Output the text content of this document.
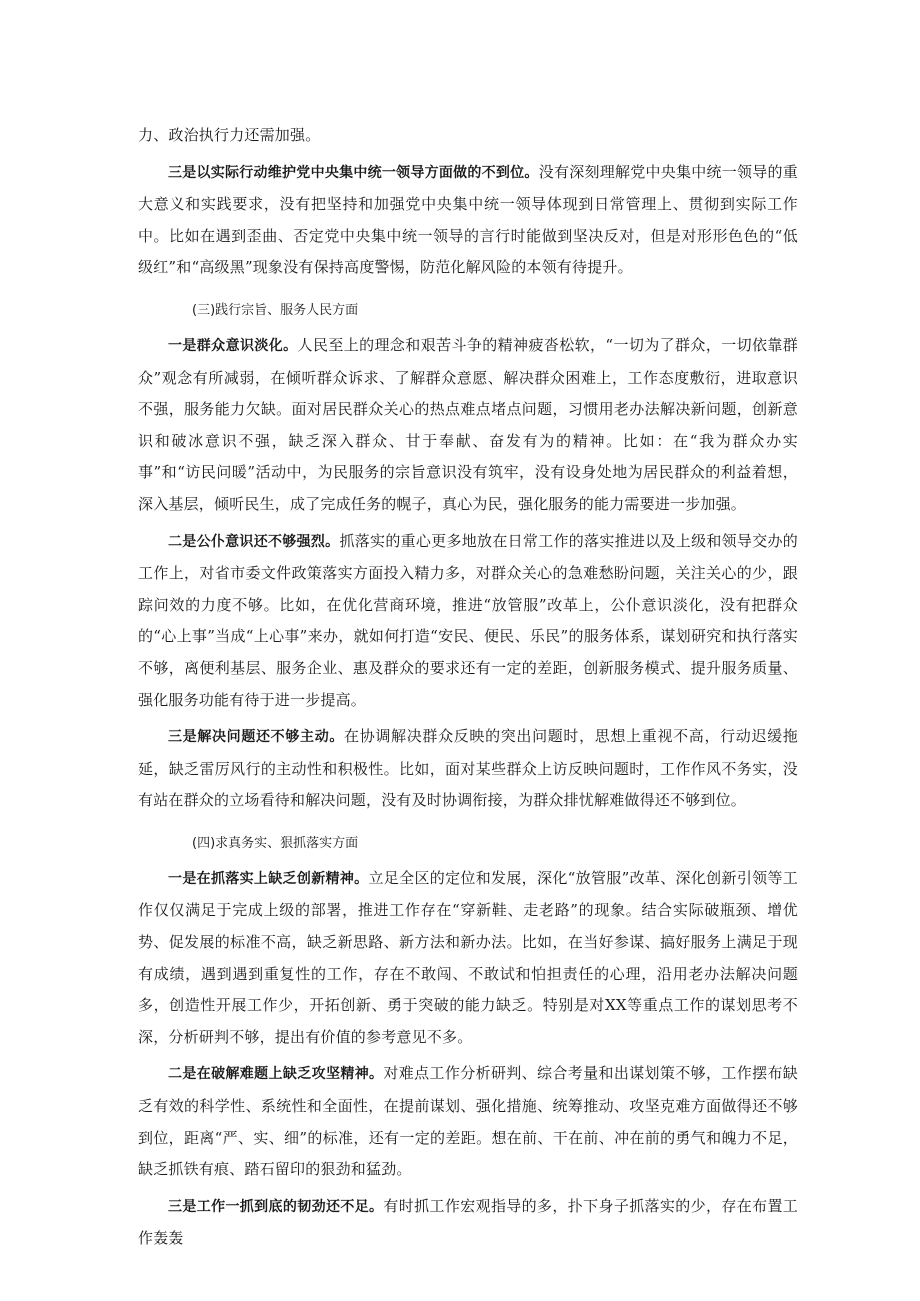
力、政治执行力还需加强。

三是以实际行动维护党中央集中统一领导方面做的不到位。没有深刻理解党中央集中统一领导的重大意义和实践要求，没有把坚持和加强党中央集中统一领导体现到日常管理上、贯彻到实际工作中。比如在遇到歪曲、否定党中央集中统一领导的言行时能做到坚决反对，但是对形形色色的“低级红”和“高级黑”现象没有保持高度警惕，防范化解风险的本领有待提升。

(三)践行宗旨、服务人民方面

一是群众意识淡化。人民至上的理念和艰苦斗争的精神疲沓松软，“一切为了群众，一切依靠群众”观念有所减弱，在倾听群众诉求、了解群众意愿、解决群众困难上，工作态度敷衍，进取意识不强，服务能力欠缺。面对居民群众关心的热点难点堵点问题，习惯用老办法解决新问题，创新意识和破冰意识不强，缺乏深入群众、甘于奉献、奋发有为的精神。比如：在“我为群众办实事”和“访民问暖”活动中，为民服务的宗旨意识没有筑牢，没有设身处地为居民群众的利益着想，深入基层，倾听民生，成了完成任务的幌子，真心为民，强化服务的能力需要进一步加强。

二是公仆意识还不够强烈。抓落实的重心更多地放在日常工作的落实推进以及上级和领导交办的工作上，对省市委文件政策落实方面投入精力多，对群众关心的急难愁盼问题，关注关心的少，跟踪问效的力度不够。比如，在优化营商环境，推进“放管服”改革上，公仆意识淡化，没有把群众的“心上事”当成“上心事”来办，就如何打造“安民、便民、乐民”的服务体系，谋划研究和执行落实不够，离便利基层、服务企业、惠及群众的要求还有一定的差距，创新服务模式、提升服务质量、强化服务功能有待于进一步提高。

三是解决问题还不够主动。在协调解决群众反映的突出问题时，思想上重视不高，行动迟缓拖延，缺乏雷厉风行的主动性和积极性。比如，面对某些群众上访反映问题时，工作作风不务实，没有站在群众的立场看待和解决问题，没有及时协调衔接，为群众排忧解难做得还不够到位。

(四)求真务实、狠抓落实方面

一是在抓落实上缺乏创新精神。立足全区的定位和发展，深化“放管服”改革、深化创新引领等工作仅仅满足于完成上级的部署，推进工作存在“穿新鞋、走老路”的现象。结合实际破瓶颈、增优势、促发展的标准不高，缺乏新思路、新方法和新办法。比如，在当好参谋、搞好服务上满足于现有成绩，遇到遇到重复性的工作，存在不敢闯、不敢试和怕担责任的心理，沿用老办法解决问题多，创造性开展工作少，开拓创新、勇于突破的能力缺乏。特别是对XX等重点工作的谋划思考不深，分析研判不够，提出有价值的参考意见不多。

二是在破解难题上缺乏攻坚精神。对难点工作分析研判、综合考量和出谋划策不够，工作摆布缺乏有效的科学性、系统性和全面性，在提前谋划、强化措施、统筹推动、攻坚克难方面做得还不够到位，距离“严、实、细”的标准，还有一定的差距。想在前、干在前、冲在前的勇气和魄力不足，缺乏抓铁有痕、踏石留印的狠劲和猛劲。

三是工作一抓到底的韧劲还不足。有时抓工作宏观指导的多，扑下身子抓落实的少，存在布置工作轰轰
